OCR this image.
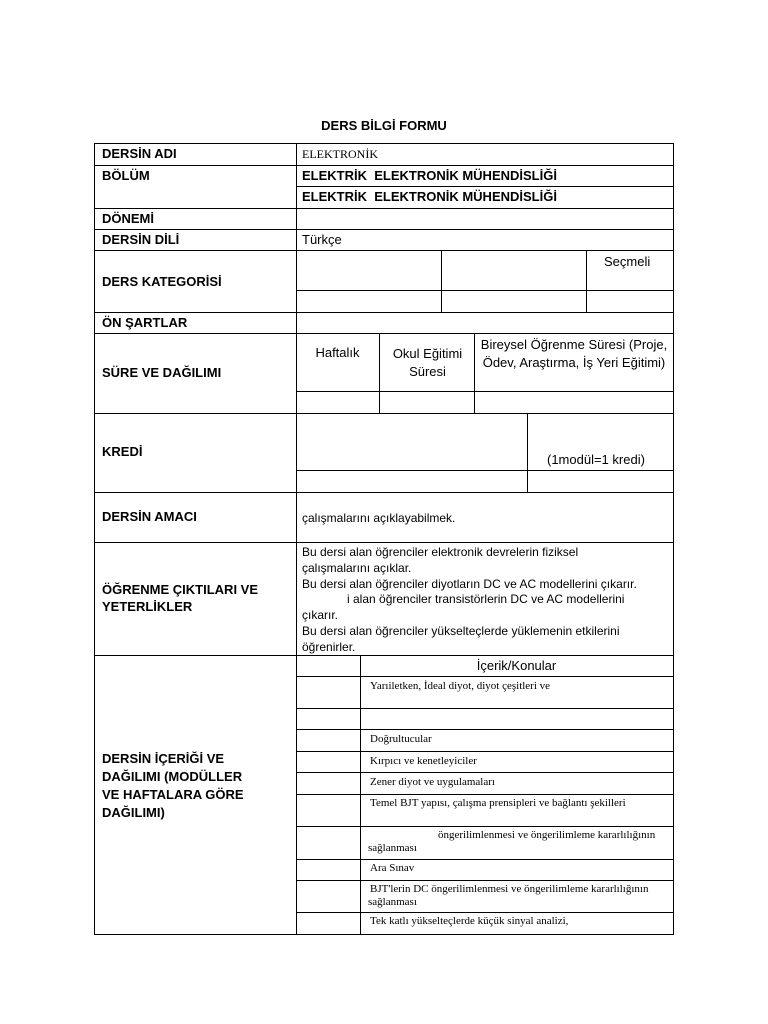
DERS BİLGİ FORMU
DERSİN ADI
BÖLÜM
DÖNEMİ
DERSİN DİLİ
DERS KATEGORİSİ
ÖN ŞARTLAR
SÜRE VE DAĞILIMI
KREDİ
DERSİN AMACI
ÖĞRENME ÇIKTILARI VE YETERLİKLER
DERSİN İÇERİĞİ VE DAĞILIMI (MODÜLLER VE HAFTALARA GÖRE DAĞILIMI)
ELEKTRONİK
ELEKTRİK  ELEKTRONİK MÜHENDİSLİĞİ
ELEKTRİK  ELEKTRONİK MÜHENDİSLİĞİ
Türkçe
Seçmeli
Haftalık	Okul Eğitimi Süresi
Bireysel Öğrenme Süresi (Proje, Ödev, Araştırma, İş Yeri Eğitimi)
(1modül=1 kredi)
çalışmalarını açıklayabilmek.
Bu dersi alan öğrenciler elektronik devrelerin fiziksel
çalışmalarını açıklar.
Bu dersi alan öğrenciler diyotların DC ve AC modellerini çıkarır.
i alan öğrenciler transistörlerin DC ve AC modellerini
çıkarır.
Bu dersi alan öğrenciler yükselteçlerde yüklemenin etkilerini
öğrenirler.
İçerik/Konular
Yarıiletken, İdeal diyot, diyot çeşitleri ve
Doğrultucular
Kırpıcı ve kenetleyiciler
Zener diyot ve uygulamaları
Temel BJT yapısı, çalışma prensipleri ve bağlantı şekilleri
öngerilimlenmesi ve öngerilimleme kararlılığının sağlanması
Ara Sınav
BJT'lerin DC öngerilimlenmesi ve öngerilimleme kararlılığının sağlanması
Tek katlı yükselteçlerde küçük sinyal analizi,
